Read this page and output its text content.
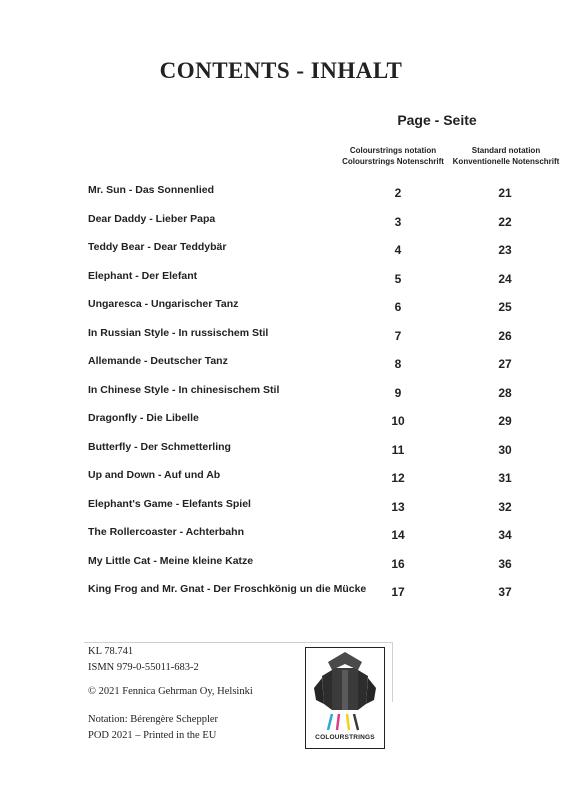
CONTENTS - INHALT
Page - Seite
Colourstrings notation
Colourstrings Notenschrift
Standard notation
Konventionelle Notenschrift
Mr. Sun - Das Sonnenlied	2	21
Dear Daddy - Lieber Papa	3	22
Teddy Bear - Dear Teddybär	4	23
Elephant - Der Elefant	5	24
Ungaresca - Ungarischer Tanz	6	25
In Russian Style - In russischem Stil	7	26
Allemande - Deutscher Tanz	8	27
In Chinese Style - In chinesischem Stil	9	28
Dragonfly - Die Libelle	10	29
Butterfly - Der Schmetterling	11	30
Up and Down - Auf und Ab	12	31
Elephant's Game - Elefants Spiel	13	32
The Rollercoaster - Achterbahn	14	34
My Little Cat - Meine kleine Katze	16	36
King Frog and Mr. Gnat - Der Froschkönig un die Mücke	17	37
KL 78.741
ISMN 979-0-55011-683-2
© 2021 Fennica Gehrman Oy, Helsinki
Notation: Bérengère Scheppler
POD 2021 – Printed in the EU	COLOURSTRINGS
